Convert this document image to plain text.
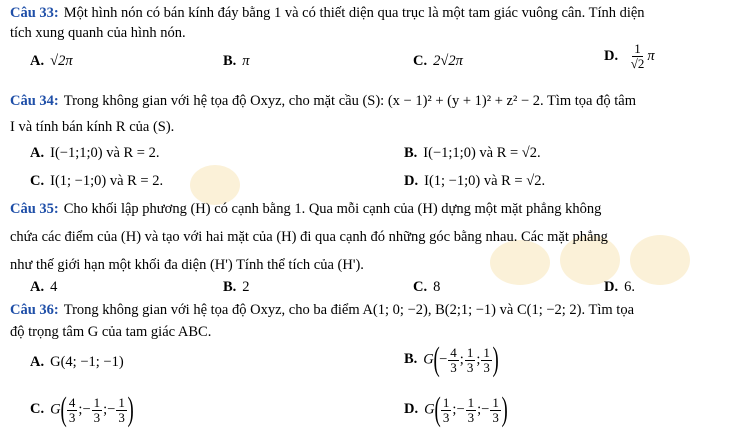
Câu 33: Một hình nón có bán kính đáy bằng 1 và có thiết diện qua trục là một tam giác vuông cân. Tính diện
tích xung quanh của hình nón.
A. √2π	B. π	C. 2√2π	D. $\frac{1}{√2}$ π
Câu 34: Trong không gian với hệ tọa độ Oxyz, cho mặt cầu (S): (x − 1)² + (y + 1)² + z² − 2. Tìm tọa độ tâm
I và tính bán kính R của (S).
A. I(−1;1;0) và R = 2.	B. I(−1;1;0) và R = √2.
C. I(1; −1;0) và R = 2.	D. I(1; −1;0) và R = √2.
Câu 35: Cho khối lập phương (H) có cạnh bằng 1. Qua mỗi cạnh của (H) dựng một mặt phẳng không
chứa các điểm của (H) và tạo với hai mặt của (H) đi qua cạnh đó những góc bằng nhau. Các mặt phẳng
như thế giới hạn một khối đa diện (H') Tính thể tích của (H').
A. 4	B. 2	C. 8	D. 6.
Câu 36: Trong không gian với hệ tọa độ Oxyz, cho ba điểm A(1; 0; −2), B(2;1; −1) và C(1; −2; 2). Tìm tọa
độ trọng tâm G của tam giác ABC.
A. G(4; −1; −1)	B. $G(- \frac{4}{3}$ ; $\frac{1}{3}$ ; $\frac{1}{3}$ )
C. $G( \frac{4}{3}$ ;− $\frac{1}{3}$ ;− $\frac{1}{3}$ )	D. $G( \frac{1}{3}$ ;− $\frac{1}{3}$ ;− $\frac{1}{3}$ )
